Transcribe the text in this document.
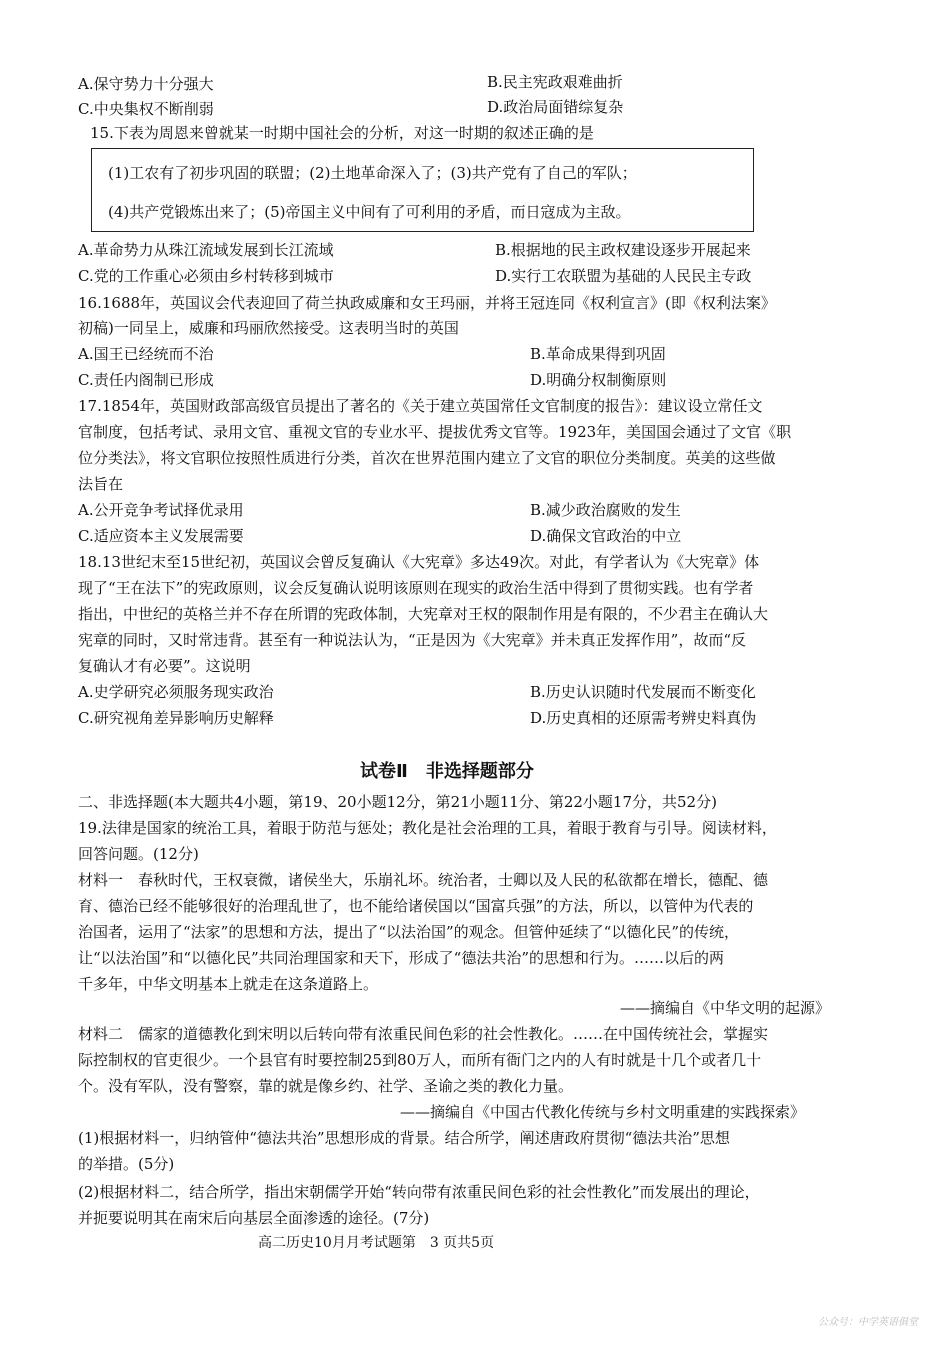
A.保守势力十分强大	B.民主宪政艰难曲折
C.中央集权不断削弱	D.政治局面错综复杂
15.下表为周恩来曾就某一时期中国社会的分析，对这一时期的叙述正确的是
(1)工农有了初步巩固的联盟；(2)土地革命深入了；(3)共产党有了自己的军队；
(4)共产党锻炼出来了；(5)帝国主义中间有了可利用的矛盾，而日寇成为主敌。
A.革命势力从珠江流域发展到长江流域	B.根据地的民主政权建设逐步开展起来
C.党的工作重心必须由乡村转移到城市	D.实行工农联盟为基础的人民民主专政
16.1688年，英国议会代表迎回了荷兰执政威廉和女王玛丽，并将王冠连同《权利宣言》(即《权利法案》
初稿)一同呈上，威廉和玛丽欣然接受。这表明当时的英国
A.国王已经统而不治	B.革命成果得到巩固
C.责任内阁制已形成	D.明确分权制衡原则
17.1854年，英国财政部高级官员提出了著名的《关于建立英国常任文官制度的报告》：建议设立常任文
官制度，包括考试、录用文官、重视文官的专业水平、提拔优秀文官等。1923年，美国国会通过了文官《职
位分类法》，将文官职位按照性质进行分类，首次在世界范围内建立了文官的职位分类制度。英美的这些做
法旨在
A.公开竞争考试择优录用	B.减少政治腐败的发生
C.适应资本主义发展需要	D.确保文官政治的中立
18.13世纪末至15世纪初，英国议会曾反复确认《大宪章》多达49次。对此，有学者认为《大宪章》体
现了“王在法下”的宪政原则，议会反复确认说明该原则在现实的政治生活中得到了贯彻实践。也有学者
指出，中世纪的英格兰并不存在所谓的宪政体制，大宪章对王权的限制作用是有限的，不少君主在确认大
宪章的同时，又时常违背。甚至有一种说法认为，“正是因为《大宪章》并未真正发挥作用”，故而“反
复确认才有必要”。这说明
A.史学研究必须服务现实政治	B.历史认识随时代发展而不断变化
C.研究视角差异影响历史解释	D.历史真相的还原需考辨史料真伪
试卷Ⅱ　非选择题部分
二、非选择题(本大题共4小题，第19、20小题12分，第21小题11分、第22小题17分，共52分)
19.法律是国家的统治工具，着眼于防范与惩处；教化是社会治理的工具，着眼于教育与引导。阅读材料，
回答问题。(12分)
材料一　春秋时代，王权衰微，诸侯坐大，乐崩礼坏。统治者，士卿以及人民的私欲都在增长，德配、德
育、德治已经不能够很好的治理乱世了，也不能给诸侯国以“国富兵强”的方法，所以，以管仲为代表的
治国者，运用了“法家”的思想和方法，提出了“以法治国”的观念。但管仲延续了“以德化民”的传统，
让“以法治国”和“以德化民”共同治理国家和天下，形成了“德法共治”的思想和行为。……以后的两
千多年，中华文明基本上就走在这条道路上。
——摘编自《中华文明的起源》
材料二　儒家的道德教化到宋明以后转向带有浓重民间色彩的社会性教化。……在中国传统社会，掌握实
际控制权的官吏很少。一个县官有时要控制25到80万人，而所有衙门之内的人有时就是十几个或者几十
个。没有军队，没有警察，靠的就是像乡约、社学、圣谕之类的教化力量。
——摘编自《中国古代教化传统与乡村文明重建的实践探索》
(1)根据材料一，归纳管仲“德法共治”思想形成的背景。结合所学，阐述唐政府贯彻“德法共治”思想
的举措。(5分)
(2)根据材料二，结合所学，指出宋朝儒学开始“转向带有浓重民间色彩的社会性教化”而发展出的理论，
并扼要说明其在南宋后向基层全面渗透的途径。(7分)
高二历史10月月考试题第　3 页共5页
公众号：中学英语俱堂
